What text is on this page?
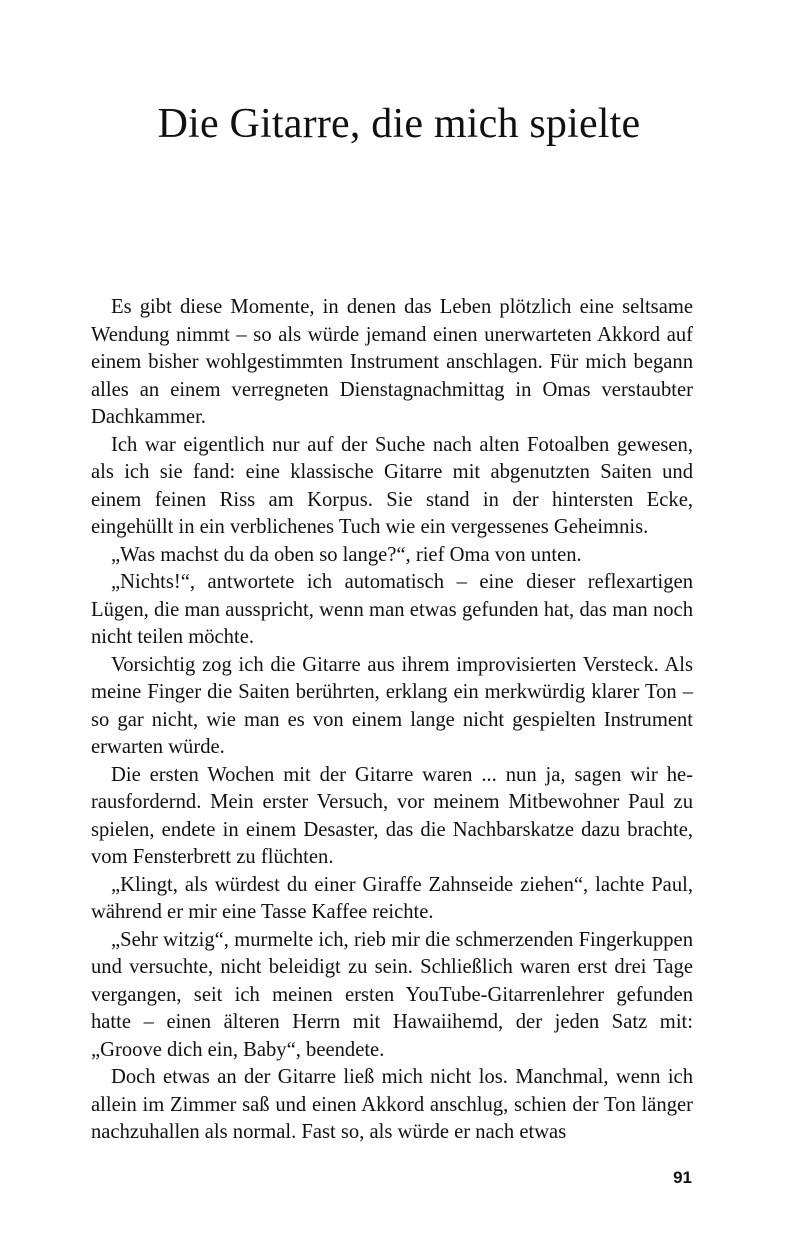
Die Gitarre, die mich spielte

Es gibt diese Momente, in denen das Leben plötzlich eine seltsame Wendung nimmt – so als würde jemand einen unerwarteten Akkord auf einem bisher wohlgestimmten Instrument anschlagen. Für mich begann alles an einem verregneten Dienstagnachmittag in Omas verstaubter Dachkammer.

Ich war eigentlich nur auf der Suche nach alten Fotoalben gewesen, als ich sie fand: eine klassische Gitarre mit abgenutzten Saiten und einem feinen Riss am Korpus. Sie stand in der hintersten Ecke, eingehüllt in ein verblichenes Tuch wie ein vergessenes Geheimnis.

„Was machst du da oben so lange?“, rief Oma von unten.

„Nichts!“, antwortete ich automatisch – eine dieser reflexartigen Lügen, die man ausspricht, wenn man etwas gefunden hat, das man noch nicht teilen möchte.

Vorsichtig zog ich die Gitarre aus ihrem improvisierten Versteck. Als meine Finger die Saiten berührten, erklang ein merkwürdig klarer Ton – so gar nicht, wie man es von einem lange nicht gespielten Instrument erwarten würde.

Die ersten Wochen mit der Gitarre waren ... nun ja, sagen wir herausfordernd. Mein erster Versuch, vor meinem Mitbewohner Paul zu spielen, endete in einem Desaster, das die Nachbarskatze dazu brachte, vom Fensterbrett zu flüchten.

„Klingt, als würdest du einer Giraffe Zahnseide ziehen“, lachte Paul, während er mir eine Tasse Kaffee reichte.

„Sehr witzig“, murmelte ich, rieb mir die schmerzenden Fingerkuppen und versuchte, nicht beleidigt zu sein. Schließlich waren erst drei Tage vergangen, seit ich meinen ersten YouTube-Gitarrenlehrer gefunden hatte – einen älteren Herrn mit Hawaiihemd, der jeden Satz mit: „Groove dich ein, Baby“, beendete.

Doch etwas an der Gitarre ließ mich nicht los. Manchmal, wenn ich allein im Zimmer saß und einen Akkord anschlug, schien der Ton länger nachzuhallen als normal. Fast so, als würde er nach etwas

91
